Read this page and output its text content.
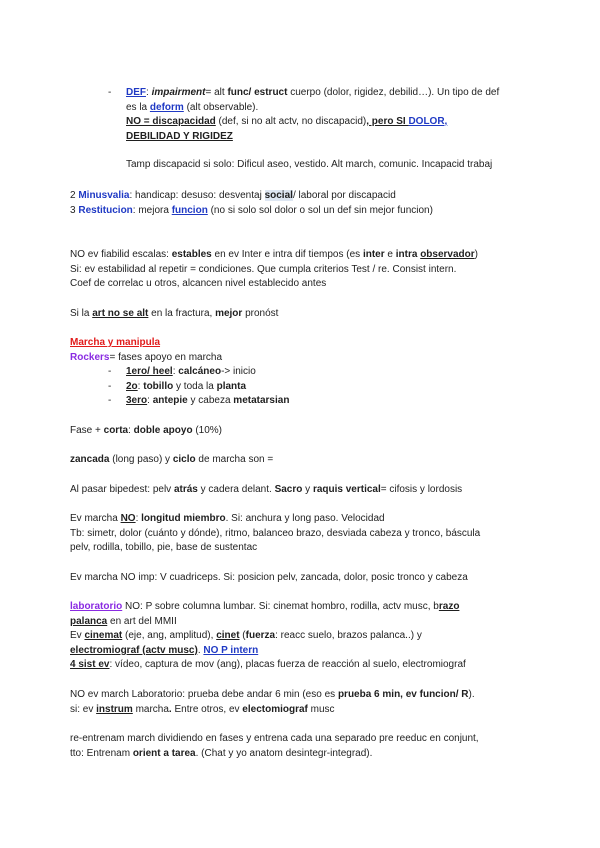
- DEF: impairment= alt func/ estruct cuerpo (dolor, rigidez, debilid…). Un tipo de def
es la deform (alt observable).
NO = discapacidad (def, si no alt actv, no discapacid), pero SI DOLOR,
DEBILIDAD Y RIGIDEZ
Tamp discapacid si solo: Dificul aseo, vestido. Alt march, comunic. Incapacid trabaj
2 Minusvalia: handicap: desuso: desventaj social/ laboral por discapacid
3 Restitucion: mejora funcion (no si solo sol dolor o sol un def sin mejor funcion)
NO ev fiabilid escalas: estables en ev Inter e intra dif tiempos (es inter e intra observador)
Si: ev estabilidad al repetir = condiciones. Que cumpla criterios Test / re. Consist intern.
Coef de correlac u otros, alcancen nivel establecido antes
Si la art no se alt en la fractura, mejor pronóst
Marcha y manipula
Rockers= fases apoyo en marcha
- 1ero/ heel: calcáneo-> inicio
- 2o: tobillo y toda la planta
- 3ero: antepie y cabeza metatarsian
Fase + corta: doble apoyo (10%)
zancada (long paso) y ciclo de marcha son =
Al pasar bipedest: pelv atrás y cadera delant. Sacro y raquis vertical= cifosis y lordosis
Ev marcha NO: longitud miembro. Si: anchura y long paso. Velocidad
Tb: simetr, dolor (cuánto y dónde), ritmo, balanceo brazo, desviada cabeza y tronco, báscula
pelv, rodilla, tobillo, pie, base de sustentac
Ev marcha NO imp: V cuadriceps. Si: posicion pelv, zancada, dolor, posic tronco y cabeza
laboratorio NO: P sobre columna lumbar. Si: cinemat hombro, rodilla, actv musc, brazo
palanca en art del MMII
Ev cinemat (eje, ang, amplitud), cinet (fuerza: reacc suelo, brazos palanca..) y
electromiograf (actv musc). NO P intern
4 sist ev: vídeo, captura de mov (ang), placas fuerza de reacción al suelo, electromiograf
NO ev march Laboratorio: prueba debe andar 6 min (eso es prueba 6 min, ev funcion/ R).
si: ev instrum marcha. Entre otros, ev electomiograf musc
re-entrenam march dividiendo en fases y entrena cada una separado pre reeduc en conjunt,
tto: Entrenam orient a tarea. (Chat y yo anatom desintegr-integrad).
